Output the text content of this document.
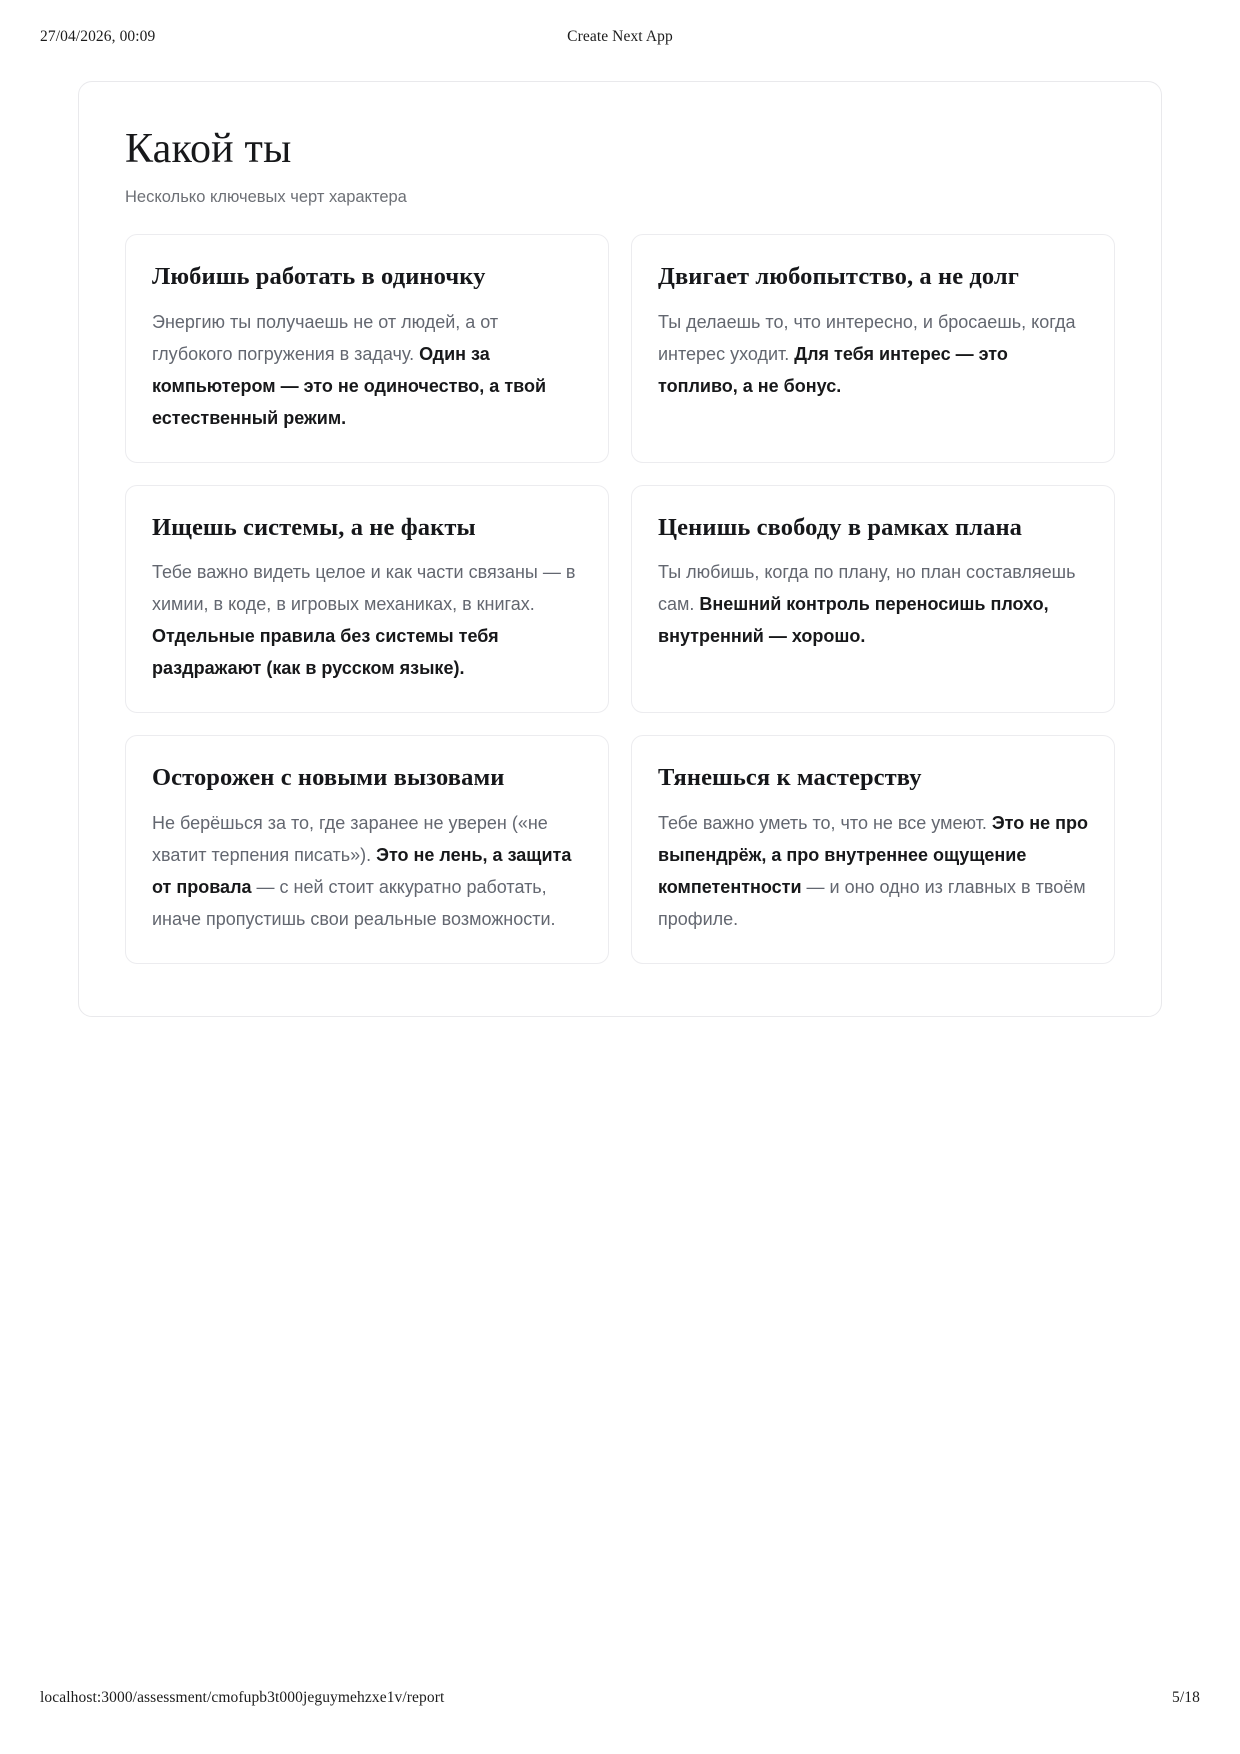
27/04/2026, 00:09	Create Next App
Какой ты

Несколько ключевых черт характера

Любишь работать в одиночку

Энергию ты получаешь не от людей, а от глубокого погружения в задачу. Один за компьютером — это не одиночество, а твой естественный режим.

Двигает любопытство, а не долг

Ты делаешь то, что интересно, и бросаешь, когда интерес уходит. Для тебя интерес — это топливо, а не бонус.

Ищешь системы, а не факты

Тебе важно видеть целое и как части связаны — в химии, в коде, в игровых механиках, в книгах. Отдельные правила без системы тебя раздражают (как в русском языке).

Ценишь свободу в рамках плана

Ты любишь, когда по плану, но план составляешь сам. Внешний контроль переносишь плохо, внутренний — хорошо.

Осторожен с новыми вызовами

Не берёшься за то, где заранее не уверен («не хватит терпения писать»). Это не лень, а защита от провала — с ней стоит аккуратно работать, иначе пропустишь свои реальные возможности.

Тянешься к мастерству

Тебе важно уметь то, что не все умеют. Это не про выпендрёж, а про внутреннее ощущение компетентности — и оно одно из главных в твоём профиле.

localhost:3000/assessment/cmofupb3t000jeguymehzxe1v/report	5/18
